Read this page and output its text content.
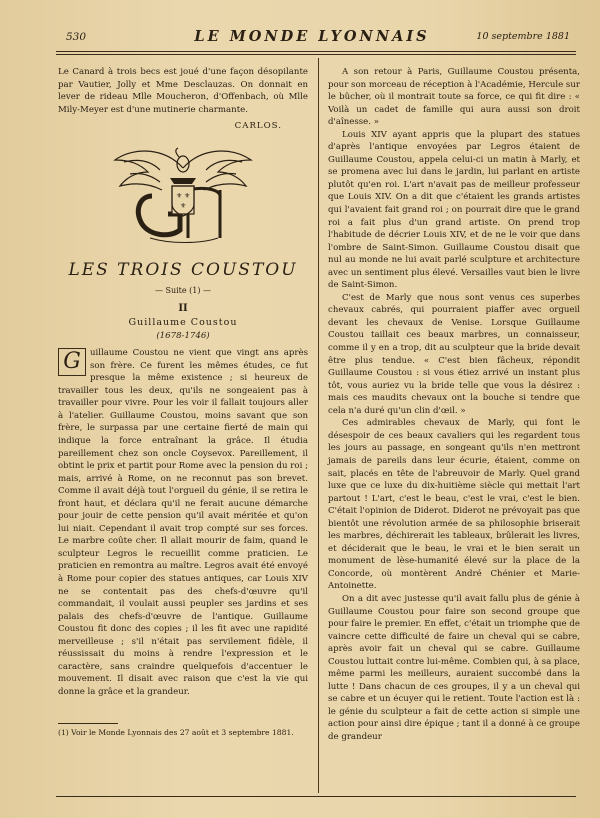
530	LE MONDE LYONNAIS	10 septembre 1881

Le Canard à trois becs est joué d'une façon désopilante par Vautier, Jolly et Mme Desclauzas. On donnait en lever de rideau Mlle Moucheron, d'Offenbach, où Mlle Mily-Meyer est d'une mutinerie charmante.

CARLOS.

⚜ ⚜
⚜
LES TROIS COUSTOU

— Suite (1) —

II

Guillaume Coustou

(1678-1746)

G	uillaume Coustou ne vient que vingt ans après son frère. Ce furent les mêmes études, ce fut presque la même existence ; si heureux de travailler tous les deux, qu'ils ne songeaient pas à travailler pour vivre. Pour les voir il fallait toujours aller à l'atelier. Guillaume Coustou, moins savant que son frère, le surpassa par une certaine fierté de main qui indique la force entraînant la grâce. Il étudia pareillement chez son oncle Coysevox. Pareillement, il obtint le prix et partit pour Rome avec la pension du roi ; mais, arrivé à Rome, on ne reconnut pas son brevet. Comme il avait déjà tout l'orgueil du génie, il se retira le front haut, et déclara qu'il ne ferait aucune démarche pour jouir de cette pension qu'il avait méritée et qu'on lui niait. Cependant il avait trop compté sur ses forces. Le marbre coûte cher. Il allait mourir de faim, quand le sculpteur Legros le recueillit comme praticien. Le praticien en remontra au maître. Legros avait été envoyé à Rome pour copier des statues antiques, car Louis XIV ne se contentait pas des chefs-d'œuvre qu'il commandait, il voulait aussi peupler ses jardins et ses palais des chefs-d'œuvre de l'antique. Guillaume Coustou fit donc des copies ; il les fit avec une rapidité merveilleuse ; s'il n'était pas servilement fidèle, il réussissait du moins à rendre l'expression et le caractère, sans craindre quelquefois d'accentuer le mouvement. Il disait avec raison que c'est la vie qui donne la grâce et la grandeur.

(1) Voir le Monde Lyonnais des 27 août et 3 septembre 1881.

A son retour à Paris, Guillaume Coustou présenta, pour son morceau de réception à l'Académie, Hercule sur le bûcher, où il montrait toute sa force, ce qui fit dire : « Voilà un cadet de famille qui aura aussi son droit d'aînesse. »

Louis XIV ayant appris que la plupart des statues d'après l'antique envoyées par Legros étaient de Guillaume Coustou, appela celui-ci un matin à Marly, et se promena avec lui dans le jardin, lui parlant en artiste plutôt qu'en roi. L'art n'avait pas de meilleur professeur que Louis XIV. On a dit que c'étaient les grands artistes qui l'avaient fait grand roi ; on pourrait dire que le grand roi a fait plus d'un grand artiste. On prend trop l'habitude de décrier Louis XIV, et de ne le voir que dans l'ombre de Saint-Simon. Guillaume Coustou disait que nul au monde ne lui avait parlé sculpture et architecture avec un sentiment plus élevé. Versailles vaut bien le livre de Saint-Simon.

C'est de Marly que nous sont venus ces superbes chevaux cabrés, qui pourraient piaffer avec orgueil devant les chevaux de Venise. Lorsque Guillaume Coustou taillait ces beaux marbres, un connaisseur, comme il y en a trop, dit au sculpteur que la bride devait être plus tendue. « C'est bien fâcheux, répondit Guillaume Coustou : si vous étiez arrivé un instant plus tôt, vous auriez vu la bride telle que vous la désirez : mais ces maudits chevaux ont la bouche si tendre que cela n'a duré qu'un clin d'œil. »

Ces admirables chevaux de Marly, qui font le désespoir de ces beaux cavaliers qui les regardent tous les jours au passage, en songeant qu'ils n'en mettront jamais de pareils dans leur écurie, étaient, comme on sait, placés en tête de l'abreuvoir de Marly. Quel grand luxe que ce luxe du dix-huitième siècle qui mettait l'art partout ! L'art, c'est le beau, c'est le vrai, c'est le bien. C'était l'opinion de Diderot. Diderot ne prévoyait pas que bientôt une révolution armée de sa philosophie briserait les marbres, déchirerait les tableaux, brûlerait les livres, et déciderait que le beau, le vrai et le bien serait un monument de lèse-humanité élevé sur la place de la Concorde, où montèrent André Chénier et Marie-Antoinette.

On a dit avec justesse qu'il avait fallu plus de génie à Guillaume Coustou pour faire son second groupe que pour faire le premier. En effet, c'était un triomphe que de vaincre cette difficulté de faire un cheval qui se cabre, après avoir fait un cheval qui se cabre. Guillaume Coustou luttait contre lui-même. Combien qui, à sa place, même parmi les meilleurs, auraient succombé dans la lutte ! Dans chacun de ces groupes, il y a un cheval qui se cabre et un écuyer qui le retient. Toute l'action est là : le génie du sculpteur a fait de cette action si simple une action pour ainsi dire épique ; tant il a donné à ce groupe de grandeur
